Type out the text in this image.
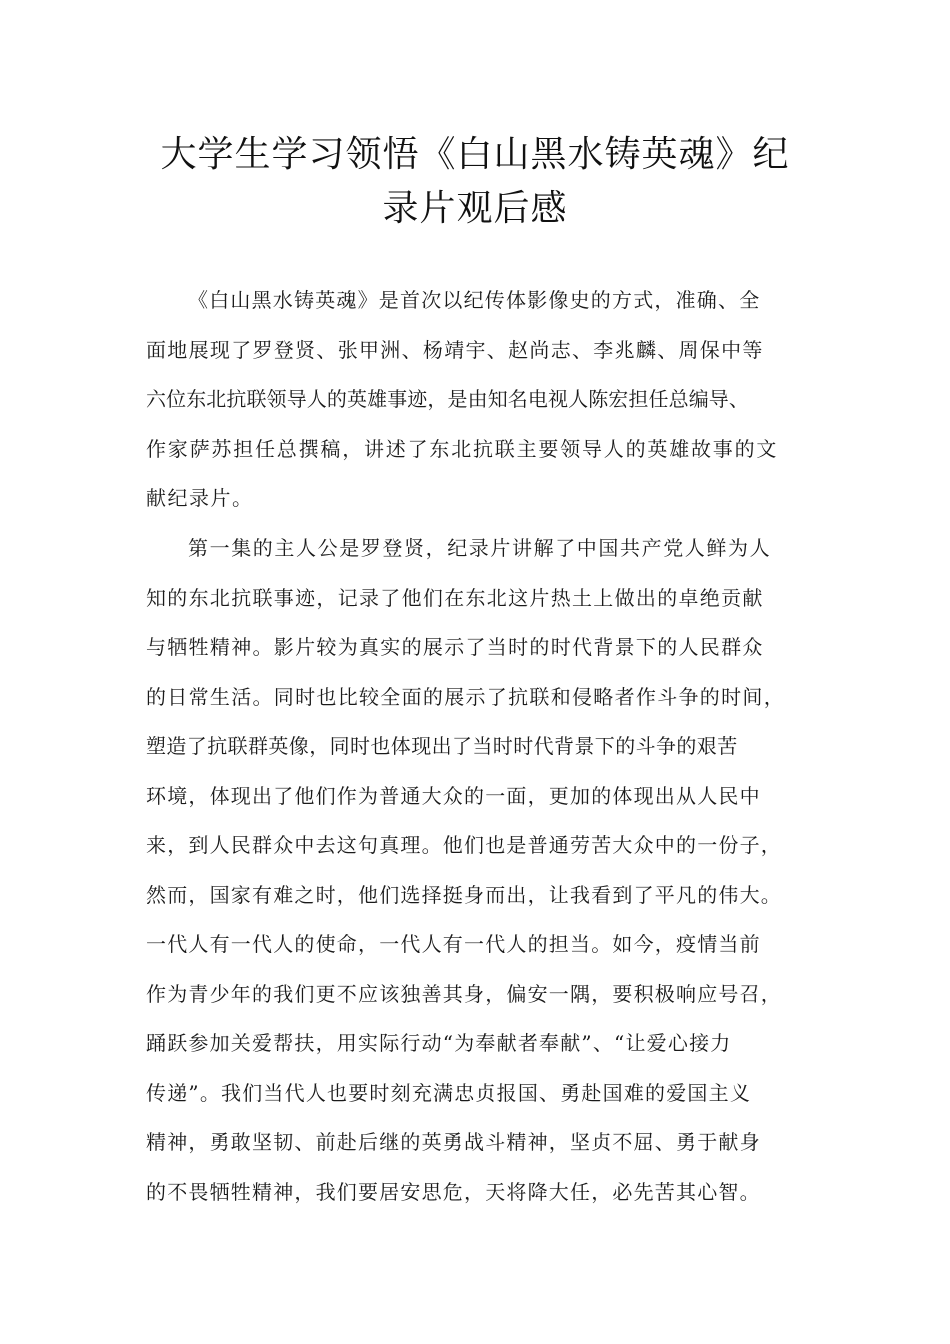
大学生学习领悟《白山黑水铸英魂》纪
录片观后感
《白山黑水铸英魂》是首次以纪传体影像史的方式，准确、全
面地展现了罗登贤、张甲洲、杨靖宇、赵尚志、李兆麟、周保中等
六位东北抗联领导人的英雄事迹，是由知名电视人陈宏担任总编导、
作家萨苏担任总撰稿，讲述了东北抗联主要领导人的英雄故事的文
献纪录片。
第一集的主人公是罗登贤，纪录片讲解了中国共产党人鲜为人
知的东北抗联事迹，记录了他们在东北这片热土上做出的卓绝贡献
与牺牲精神。影片较为真实的展示了当时的时代背景下的人民群众
的日常生活。同时也比较全面的展示了抗联和侵略者作斗争的时间，
塑造了抗联群英像，同时也体现出了当时时代背景下的斗争的艰苦
环境，体现出了他们作为普通大众的一面，更加的体现出从人民中
来，到人民群众中去这句真理。他们也是普通劳苦大众中的一份子，
然而，国家有难之时，他们选择挺身而出，让我看到了平凡的伟大。
一代人有一代人的使命，一代人有一代人的担当。如今，疫情当前
作为青少年的我们更不应该独善其身，偏安一隅，要积极响应号召，
踊跃参加关爱帮扶，用实际行动“为奉献者奉献”、“让爱心接力
传递”。我们当代人也要时刻充满忠贞报国、勇赴国难的爱国主义
精神，勇敢坚韧、前赴后继的英勇战斗精神，坚贞不屈、勇于献身
的不畏牺牲精神，我们要居安思危，天将降大任，必先苦其心智。
